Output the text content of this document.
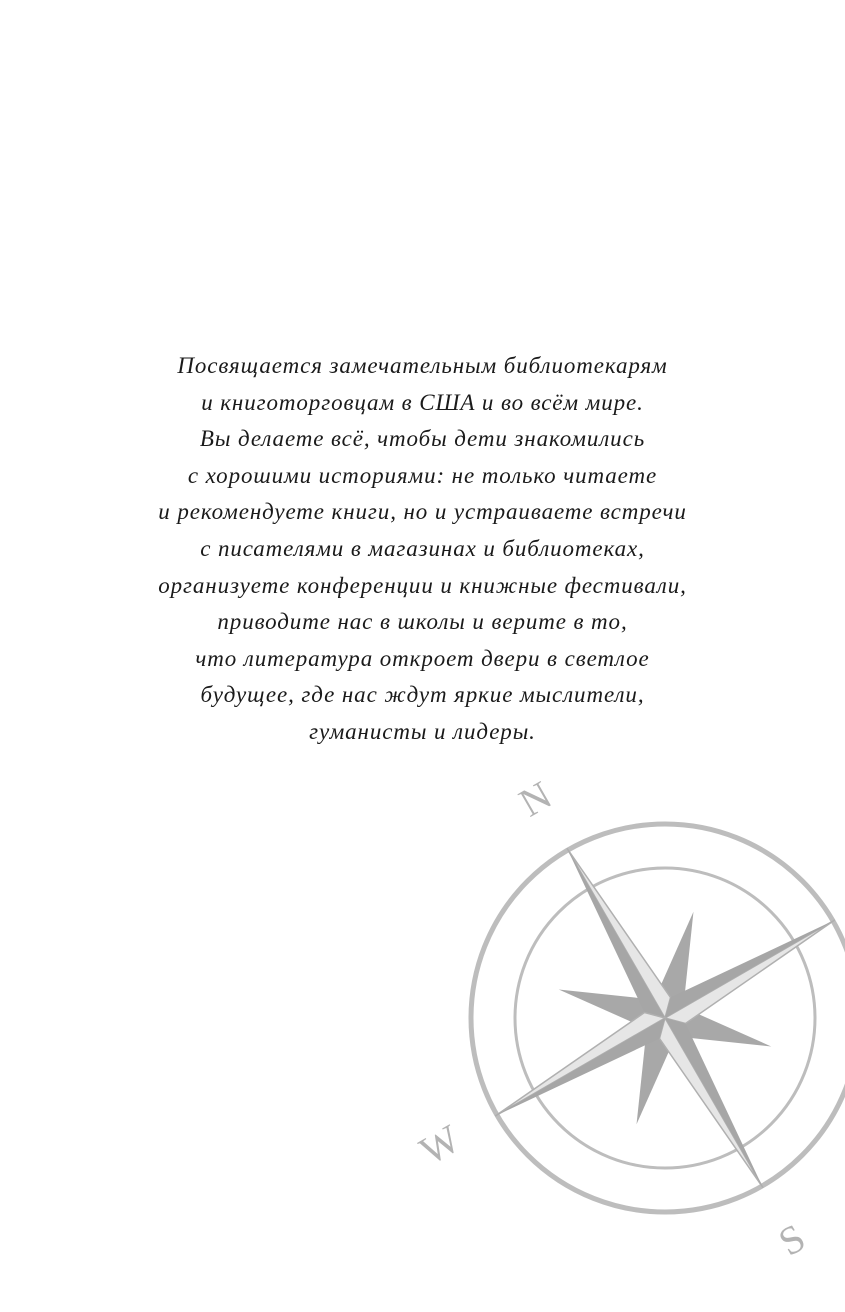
Посвящается замечательным библиотекарям
и книготорговцам в США и во всём мире.
Вы делаете всё, чтобы дети знакомились
с хорошими историями: не только читаете
и рекомендуете книги, но и устраиваете встречи
с писателями в магазинах и библиотеках,
организуете конференции и книжные фестивали,
приводите нас в школы и верите в то,
что литература откроет двери в светлое
будущее, где нас ждут яркие мыслители,
гуманисты и лидеры.
N
W
S
